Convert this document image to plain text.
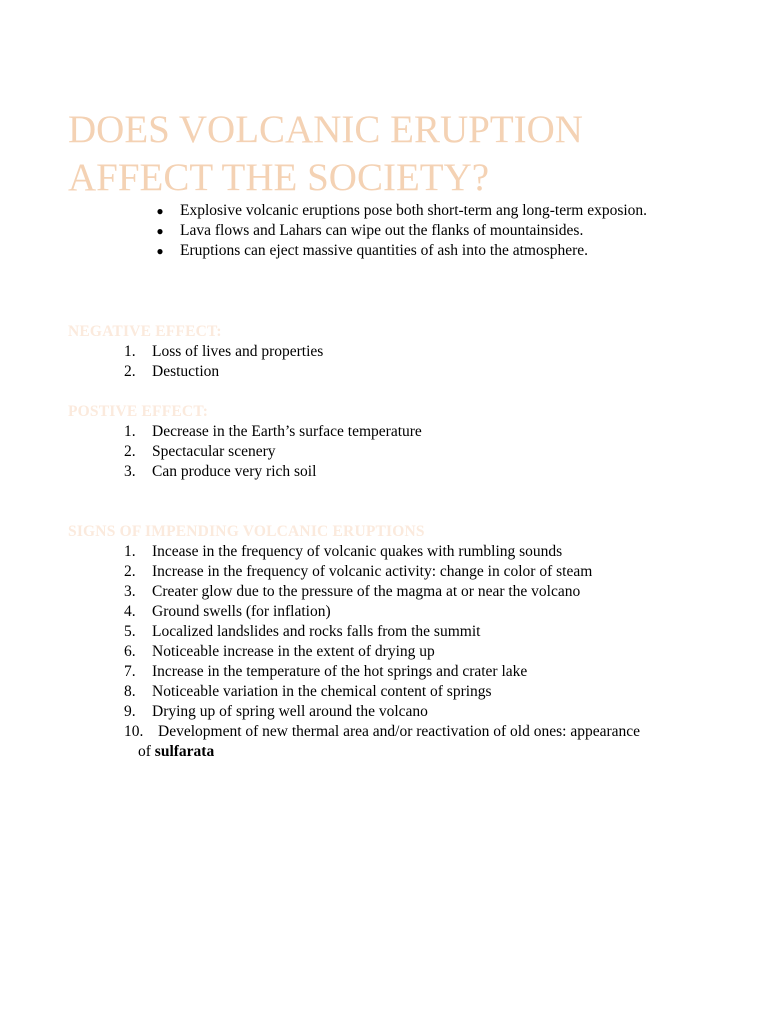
DOES VOLCANIC ERUPTION
AFFECT THE SOCIETY?
● Explosive volcanic eruptions pose both short-term ang long-term exposion.
● Lava flows and Lahars can wipe out the flanks of mountainsides.
● Eruptions can eject massive quantities of ash into the atmosphere.
NEGATIVE EFFECT:
1. Loss of lives and properties
2. Destuction
POSTIVE EFFECT:
1. Decrease in the Earth’s surface temperature
2. Spectacular scenery
3. Can produce very rich soil
SIGNS OF IMPENDING VOLCANIC ERUPTIONS
1. Incease in the frequency of volcanic quakes with rumbling sounds
2. Increase in the frequency of volcanic activity: change in color of steam
3. Creater glow due to the pressure of the magma at or near the volcano
4. Ground swells (for inflation)
5. Localized landslides and rocks falls from the summit
6. Noticeable increase in the extent of drying up
7. Increase in the temperature of the hot springs and crater lake
8. Noticeable variation in the chemical content of springs
9. Drying up of spring well around the volcano
10. Development of new thermal area and/or reactivation of old ones: appearance
of sulfarata
